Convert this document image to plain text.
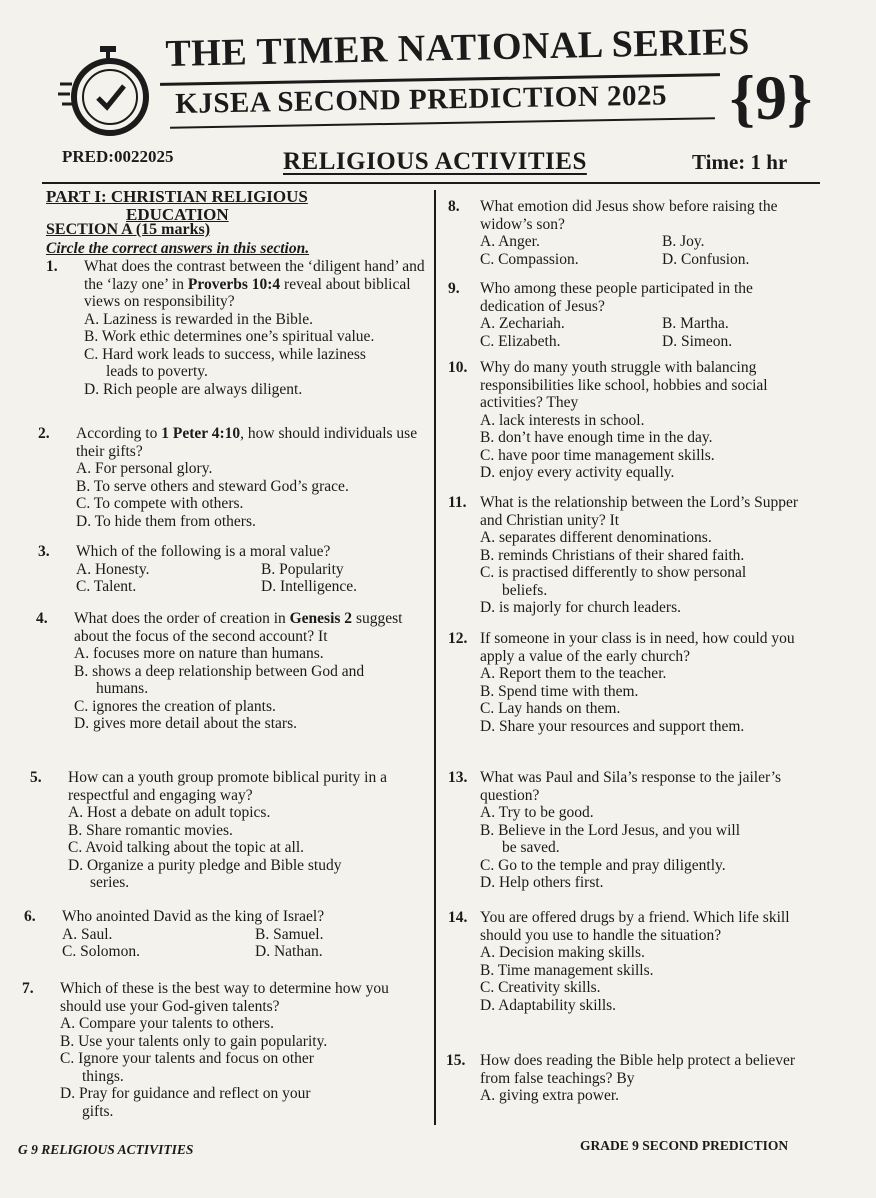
THE TIMER NATIONAL SERIES
KJSEA SECOND PREDICTION 2025 {9}
PRED:0022025	RELIGIOUS ACTIVITIES	Time: 1 hr
PART I: CHRISTIAN RELIGIOUS
EDUCATION
SECTION A (15 marks)
Circle the correct answers in this section.
1. What does the contrast between the ‘diligent hand’ and the ‘lazy one’ in Proverbs 10:4 reveal about biblical views on responsibility?
A. Laziness is rewarded in the Bible.
B. Work ethic determines one’s spiritual value.
C. Hard work leads to success, while laziness
leads to poverty.
D. Rich people are always diligent.
2. According to 1 Peter 4:10, how should individuals use their gifts?
A. For personal glory.
B. To serve others and steward God’s grace.
C. To compete with others.
D. To hide them from others.
3. Which of the following is a moral value?
A. Honesty.	B. Popularity
C. Talent.	D. Intelligence.
4. What does the order of creation in Genesis 2 suggest about the focus of the second account? It
A. focuses more on nature than humans.
B. shows a deep relationship between God and
humans.
C. ignores the creation of plants.
D. gives more detail about the stars.
5. How can a youth group promote biblical purity in a respectful and engaging way?
A. Host a debate on adult topics.
B. Share romantic movies.
C. Avoid talking about the topic at all.
D. Organize a purity pledge and Bible study
series.
6. Who anointed David as the king of Israel?
A. Saul.	B. Samuel.
C. Solomon.	D. Nathan.
7. Which of these is the best way to determine how you should use your God-given talents?
A. Compare your talents to others.
B. Use your talents only to gain popularity.
C. Ignore your talents and focus on other
things.
D. Pray for guidance and reflect on your
gifts.
8. What emotion did Jesus show before raising the widow’s son?
A. Anger.	B. Joy.
C. Compassion.	D. Confusion.
9. Who among these people participated in the dedication of Jesus?
A. Zechariah.	B. Martha.
C. Elizabeth.	D. Simeon.
10. Why do many youth struggle with balancing responsibilities like school, hobbies and social activities? They
A. lack interests in school.
B. don’t have enough time in the day.
C. have poor time management skills.
D. enjoy every activity equally.
11. What is the relationship between the Lord’s Supper and Christian unity? It
A. separates different denominations.
B. reminds Christians of their shared faith.
C. is practised differently to show personal
beliefs.
D. is majorly for church leaders.
12. If someone in your class is in need, how could you apply a value of the early church?
A. Report them to the teacher.
B. Spend time with them.
C. Lay hands on them.
D. Share your resources and support them.
13. What was Paul and Sila’s response to the jailer’s question?
A. Try to be good.
B. Believe in the Lord Jesus, and you will
be saved.
C. Go to the temple and pray diligently.
D. Help others first.
14. You are offered drugs by a friend. Which life skill should you use to handle the situation?
A. Decision making skills.
B. Time management skills.
C. Creativity skills.
D. Adaptability skills.
15. How does reading the Bible help protect a believer from false teachings? By
A. giving extra power.
G 9 RELIGIOUS ACTIVITIES	GRADE 9 SECOND PREDICTION
